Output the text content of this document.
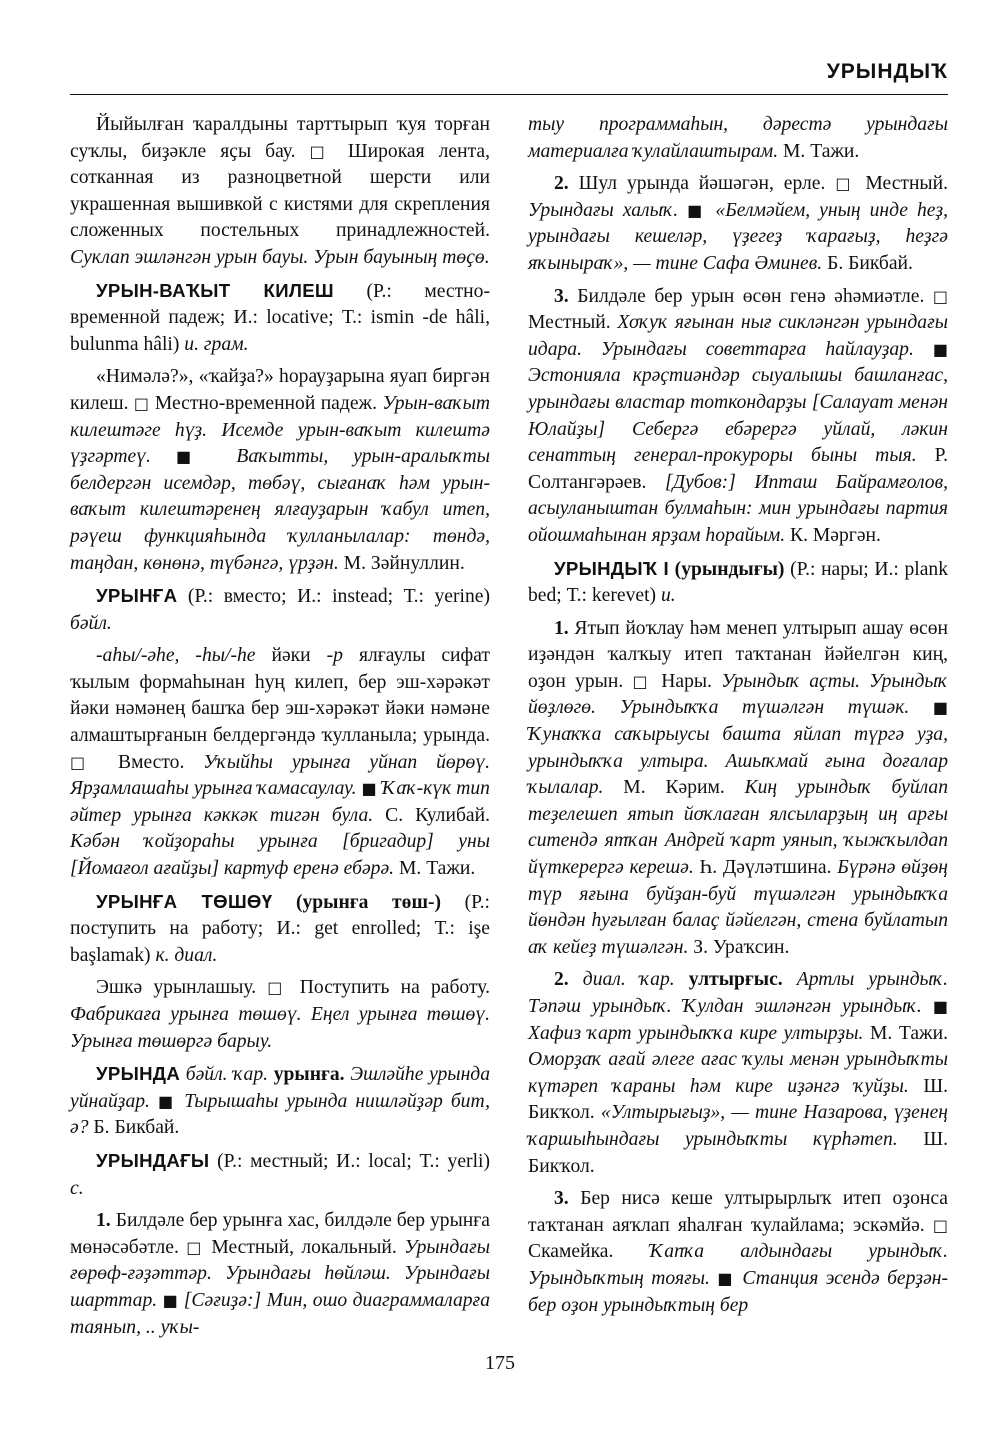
УРЫНДЫҠ

Йыйылған ҡаралдыны тарттырып ҡуя торған суҡлы, биҙәкле яҫы бау. □ Широкая лента, сотканная из разноцветной шерсти или украшенная вышивкой с кистями для скрепления сложенных постельных принадлежностей. Суклап эшләнгән урын бауы. Урын бауының төҫө.

УРЫН-ВАҠЫТ КИЛЕШ (Р.: местно-временной падеж; И.: locative; Т.: ismin -de hâli, bulunma hâli) и. грам.

«Нимәлә?», «ҡайҙа?» һорауҙарына яуап биргән килеш. □ Местно-временной падеж. Урын-ваҡыт килештәге һүҙ. Исемде урын-ваҡыт килештә үҙгәртеү. ■ Ваҡытты, урын-аралыҡты белдергән исемдәр, төбәү, сығанаҡ һәм урын-ваҡыт килештәренең ялғауҙарын ҡабул итеп, рәүеш функцияһында ҡулланылалар: төндә, таңдан, көнөнә, түбәнгә, үрҙән. М. Зәйнуллин.

УРЫНҒА (Р.: вместо; И.: instead; Т.: yerine) бәйл.

-аһы/-әһе, -һы/-һе йәки -р ялғаулы сифат ҡылым формаһынан һуң килеп, бер эш-хәрәкәт йәки нәмәнең башҡа бер эш-хәрәкәт йәки нәмәне алмаштырғанын белдергәндә ҡулланыла; урында. □ Вместо. Уҡыйһы урынға уйнап йөрөү. Ярҙамлашаһы урынға ҡамасаулау. ■ Ҡаҡ-күк тип әйтер урынға кәккәк тигән була. С. Кулибай. Кәбән ҡойҙораһы урынға [бригадир] уны [Йомағол ағайҙы] картуф еренә ебәрә. М. Тажи.

УРЫНҒА ТӨШӨҮ (урынға төш-) (Р.: поступить на работу; И.: get enrolled; Т.: işe başlamak) к. диал.

Эшкә урынлашыу. □ Поступить на работу. Фабрикаға урынға төшөү. Еңел урынға төшөү. Урынға төшөргә барыу.

УРЫНДА бәйл. ҡар. урынға. Эшләйһе урында уйнайҙар. ■ Тырышаһы урында нишләйҙәр бит, ә? Б. Бикбай.

УРЫНДАҒЫ (Р.: местный; И.: local; Т.: yerli) с.

1. Билдәле бер урынға хас, билдәле бер урынға мөнәсәбәтле. □ Местный, локальный. Урындағы ғөрөф-ғәҙәттәр. Урындағы һөйләш. Урындағы шарттар. ■ [Сәғиҙә:] Мин, ошо диаграммаларға таянып, .. уҡы-

тыу программаһын, дәрестә урындағы материалға ҡулайлаштырам. М. Тажи.

2. Шул урында йәшәгән, ерле. □ Местный. Урындағы халыҡ. ■ «Белмәйем, уның инде һеҙ, урындағы кешеләр, үҙегеҙ ҡарағыҙ, һеҙгә яҡыныраҡ», — тине Сафа Әминев. Б. Бикбай.

3. Билдәле бер урын өсөн генә әһәмиәтле. □ Местный. Хоҡуҡ яғынан нығ сикләнгән урындағы идара. Урындағы советтарға һайлауҙар. ■ Эстонияла крәҫтиәндәр сыуалышы башланғас, урындағы властар тоткондарҙы [Салауат менән Юлайҙы] Себергә ебәрергә уйлай, ләкин сенаттың генерал-прокуроры быны тыя. Р. Солтангәрәев. [Дубов:] Ипташ Байрамғолов, асыуланыштан булмаһын: мин урындағы партия ойошмаһынан ярҙам һорайым. К. Мәргән.

УРЫНДЫҠ I (урындығы) (Р.: нары; И.: plank bed; Т.: kerevet) и.

1. Ятып йоҡлау һәм менеп ултырып ашау өсөн иҙәндән ҡалҡыу итеп таҡтанан йәйелгән киң, оҙон урын. □ Нары. Урындыҡ аҫты. Урындыҡ йөҙлөгө. Урындыҡҡа түшәлгән түшәк. ■ Ҡунаҡҡа саҡырыусы башта яйлап түргә уҙа, урындыҡҡа ултыра. Ашыҡмай ғына доғалар ҡылалар. М. Кәрим. Киң урындыҡ буйлап теҙелешеп ятып йоҡлаған ялсыларҙың иң арғы ситендә ятҡан Андрей ҡарт уянып, ҡыжҡылдап йүткерергә керешә. Һ. Дәүләтшина. Бүрәнә өйҙөң түр яғына буйҙан-буй түшәлгән урындыҡҡа йөндән һуғылған балаҫ йәйелгән, стена буйлатып аҡ кейеҙ түшәлгән. З. Ураҡсин.

2. диал. ҡар. ултырғыс. Артлы урындыҡ. Тәпәш урындыҡ. Ҡулдан эшләнгән урындыҡ. ■ Хафиз ҡарт урындыҡҡа кире ултырҙы. М. Тажи. Оморҙаҡ ағай әлеге ағас ҡулы менән урындыҡты күтәреп ҡараны һәм кире иҙәнгә ҡуйҙы. Ш. Бикҡол. «Ултырығыҙ», — тине Назарова, үҙенең ҡаршыһындағы урындыҡты күрһәтеп. Ш. Бикҡол.

3. Бер нисә кеше ултырырлыҡ итеп оҙонса таҡтанан аяҡлап яһалған ҡулайлама; эскәмйә. □ Скамейка. Ҡапҡа алдындағы урындыҡ. Урындыҡтың тояғы. ■ Станция эсендә берҙән-бер оҙон урындыҡтың бер

175
